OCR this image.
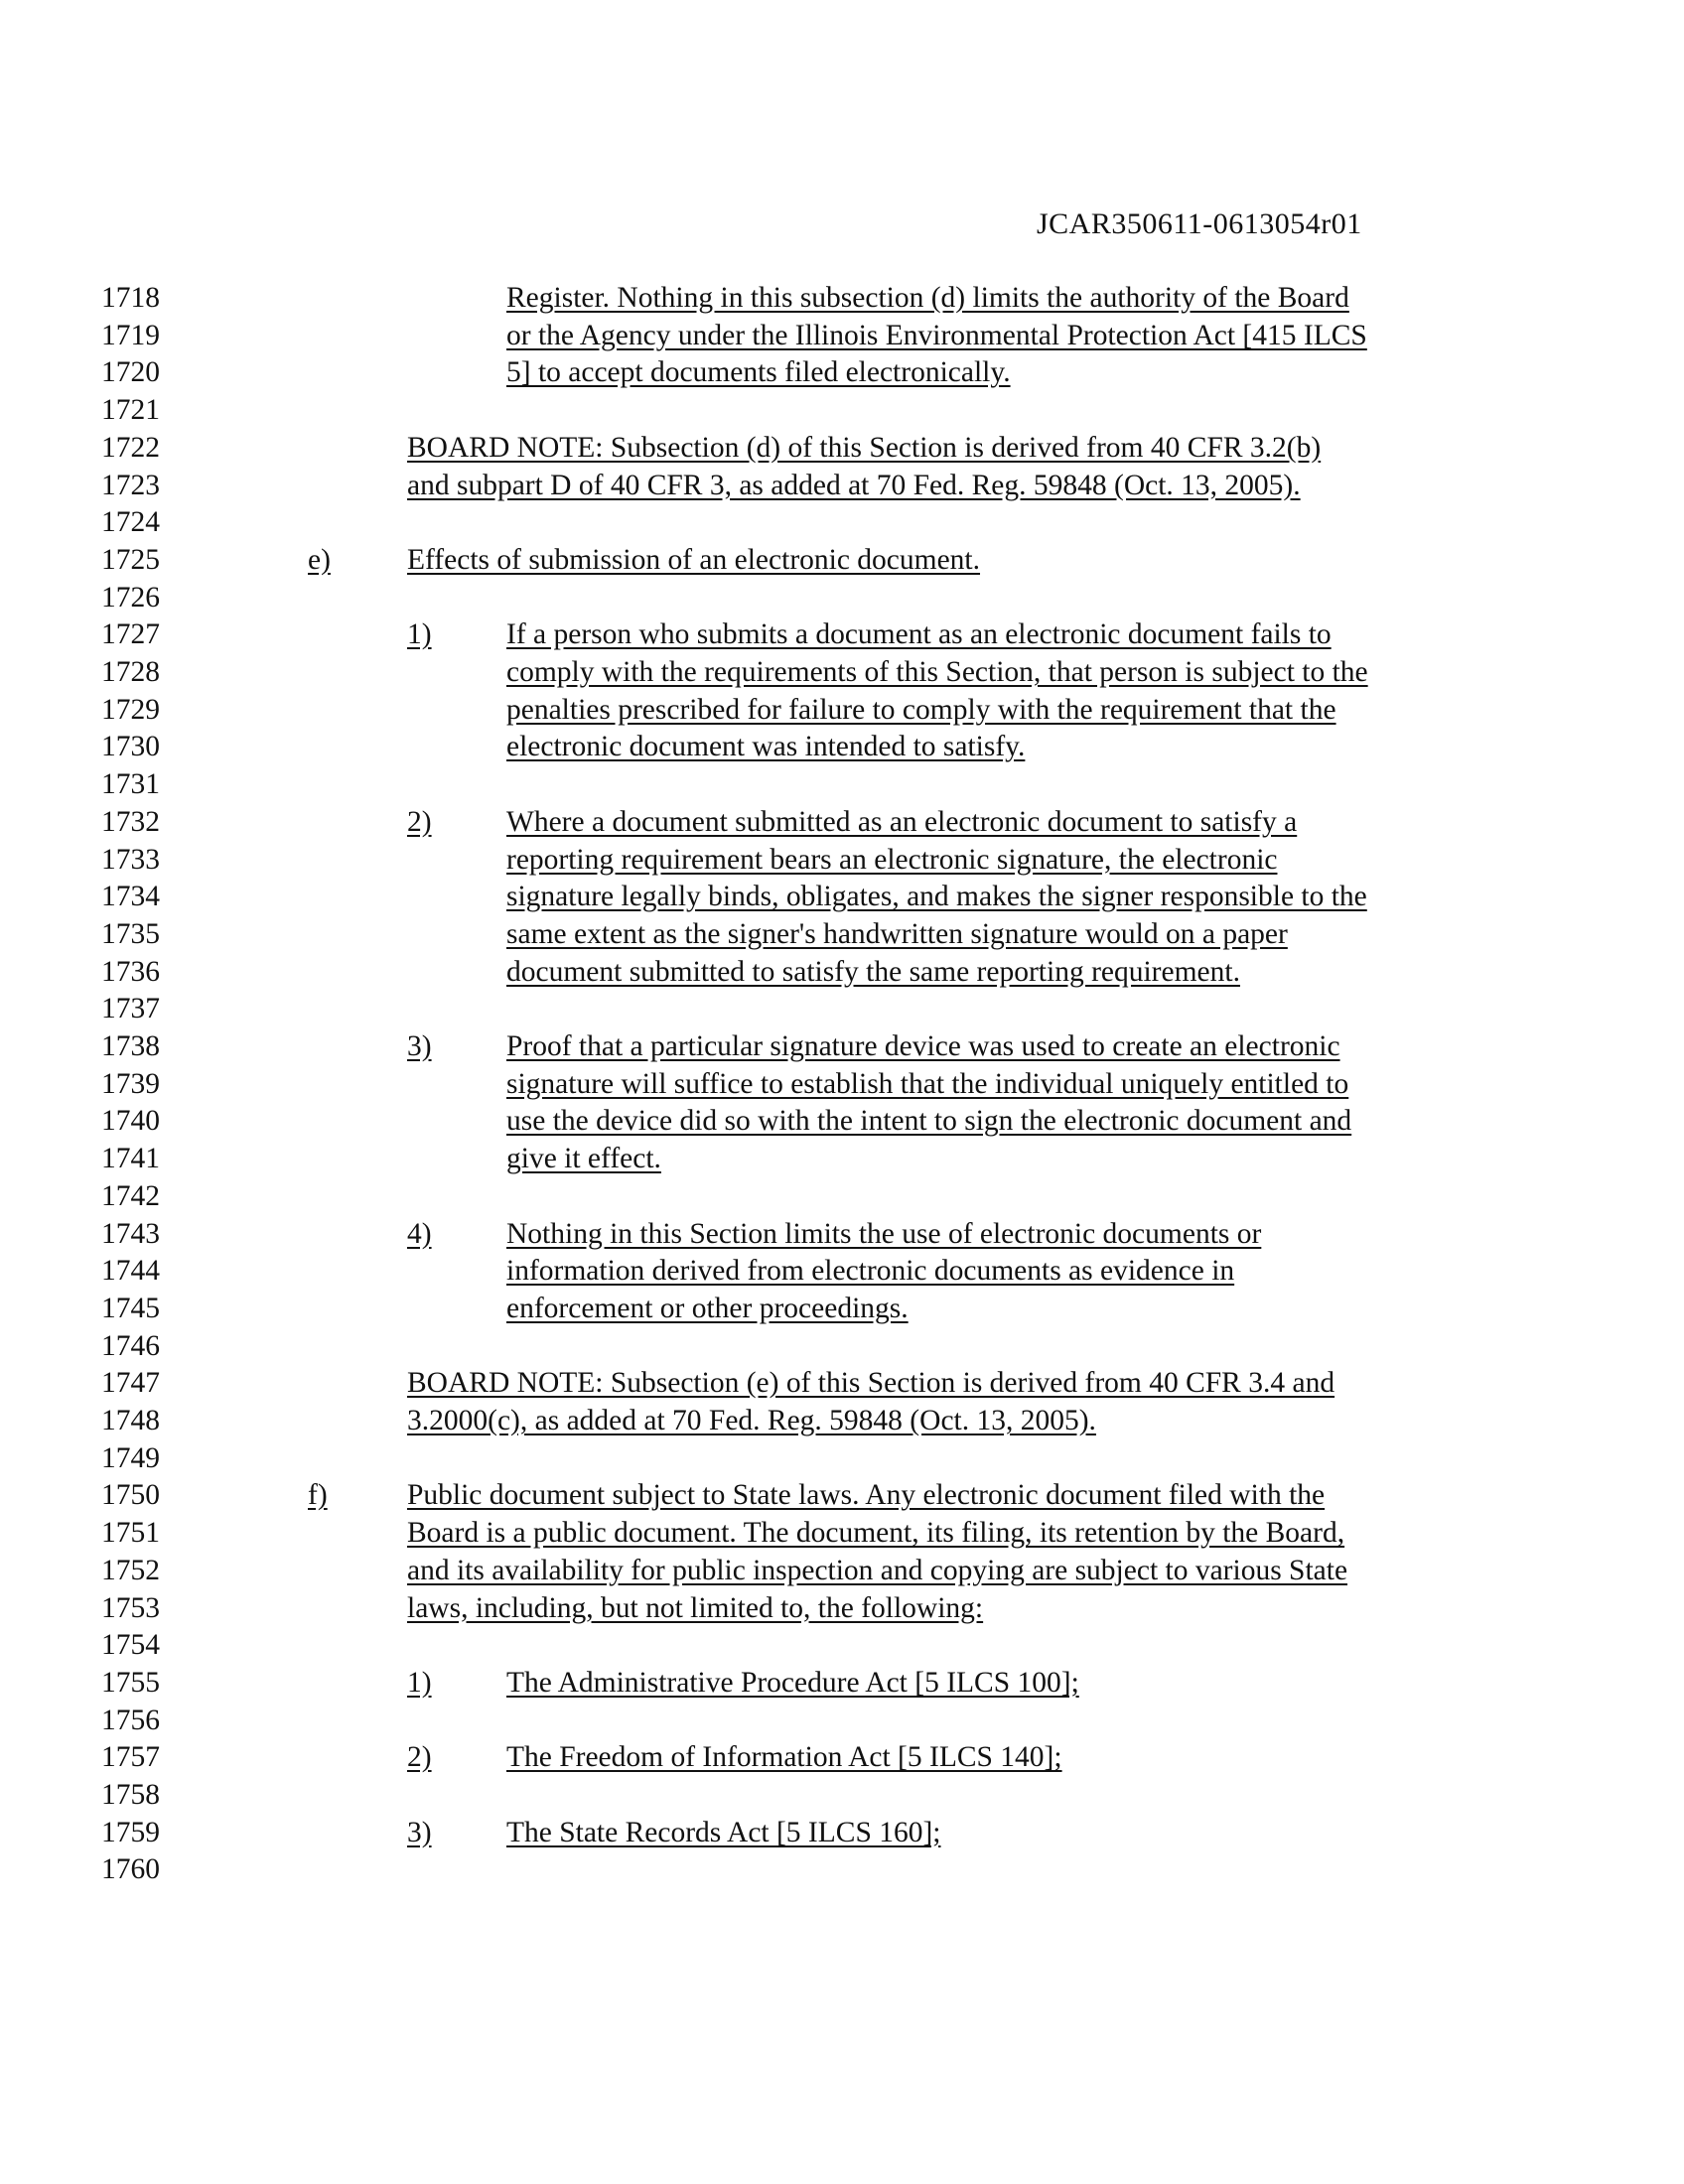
JCAR350611-0613054r01
1718	Register. Nothing in this subsection (d) limits the authority of the Board
1719	or the Agency under the Illinois Environmental Protection Act [415 ILCS
1720	5] to accept documents filed electronically.
1721
1722	BOARD NOTE: Subsection (d) of this Section is derived from 40 CFR 3.2(b)
1723	and subpart D of 40 CFR 3, as added at 70 Fed. Reg. 59848 (Oct. 13, 2005).
1724
1725	e)	Effects of submission of an electronic document.
1726
1727	1)	If a person who submits a document as an electronic document fails to
1728	comply with the requirements of this Section, that person is subject to the
1729	penalties prescribed for failure to comply with the requirement that the
1730	electronic document was intended to satisfy.
1731
1732	2)	Where a document submitted as an electronic document to satisfy a
1733	reporting requirement bears an electronic signature, the electronic
1734	signature legally binds, obligates, and makes the signer responsible to the
1735	same extent as the signer's handwritten signature would on a paper
1736	document submitted to satisfy the same reporting requirement.
1737
1738	3)	Proof that a particular signature device was used to create an electronic
1739	signature will suffice to establish that the individual uniquely entitled to
1740	use the device did so with the intent to sign the electronic document and
1741	give it effect.
1742
1743	4)	Nothing in this Section limits the use of electronic documents or
1744	information derived from electronic documents as evidence in
1745	enforcement or other proceedings.
1746
1747	BOARD NOTE: Subsection (e) of this Section is derived from 40 CFR 3.4 and
1748	3.2000(c), as added at 70 Fed. Reg. 59848 (Oct. 13, 2005).
1749
1750	f)	Public document subject to State laws. Any electronic document filed with the
1751	Board is a public document. The document, its filing, its retention by the Board,
1752	and its availability for public inspection and copying are subject to various State
1753	laws, including, but not limited to, the following:
1754
1755	1)	The Administrative Procedure Act [5 ILCS 100];
1756
1757	2)	The Freedom of Information Act [5 ILCS 140];
1758
1759	3)	The State Records Act [5 ILCS 160];
1760
